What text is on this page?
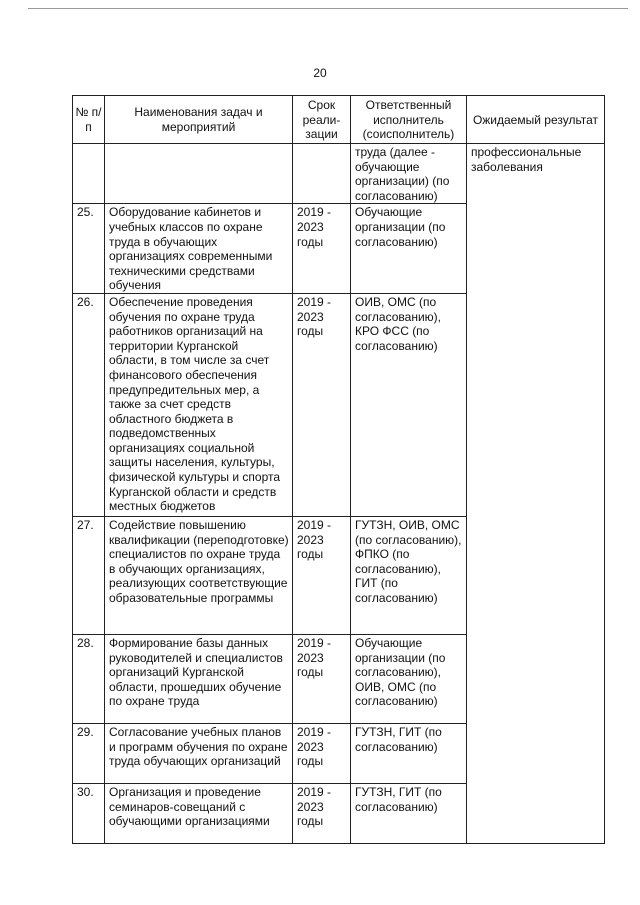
20
№ п/п	Наименования задач и мероприятий	Срок реали-зации	Ответственный исполнитель (соисполнитель)	Ожидаемый результат
			труда (далее - обучающие организации) (по согласованию)	профессиональные заболевания
25.	Оборудование кабинетов и учебных классов по охране труда в обучающих организациях современными техническими средствами обучения	2019 - 2023 годы	Обучающие организации (по согласованию)	
26.	Обеспечение проведения обучения по охране труда работников организаций на территории Курганской области, в том числе за счет финансового обеспечения предупредительных мер, а также за счет средств областного бюджета в подведомственных организациях социальной защиты населения, культуры, физической культуры и спорта Курганской области и средств местных бюджетов	2019 - 2023 годы	ОИВ, ОМС (по согласованию), КРО ФСС (по согласованию)	
27.	Содействие повышению квалификации (переподготовке) специалистов по охране труда в обучающих организациях, реализующих соответствующие образовательные программы	2019 - 2023 годы	ГУТЗН, ОИВ, ОМС (по согласованию), ФПКО (по согласованию), ГИТ (по согласованию)	
28.	Формирование базы данных руководителей и специалистов организаций Курганской области, прошедших обучение по охране труда	2019 - 2023 годы	Обучающие организации (по согласованию), ОИВ, ОМС (по согласованию)	
29.	Согласование учебных планов и программ обучения по охране труда обучающих организаций	2019 - 2023 годы	ГУТЗН, ГИТ (по согласованию)	
30.	Организация и проведение семинаров-совещаний с обучающими организациями	2019 - 2023 годы	ГУТЗН, ГИТ (по согласованию)	
